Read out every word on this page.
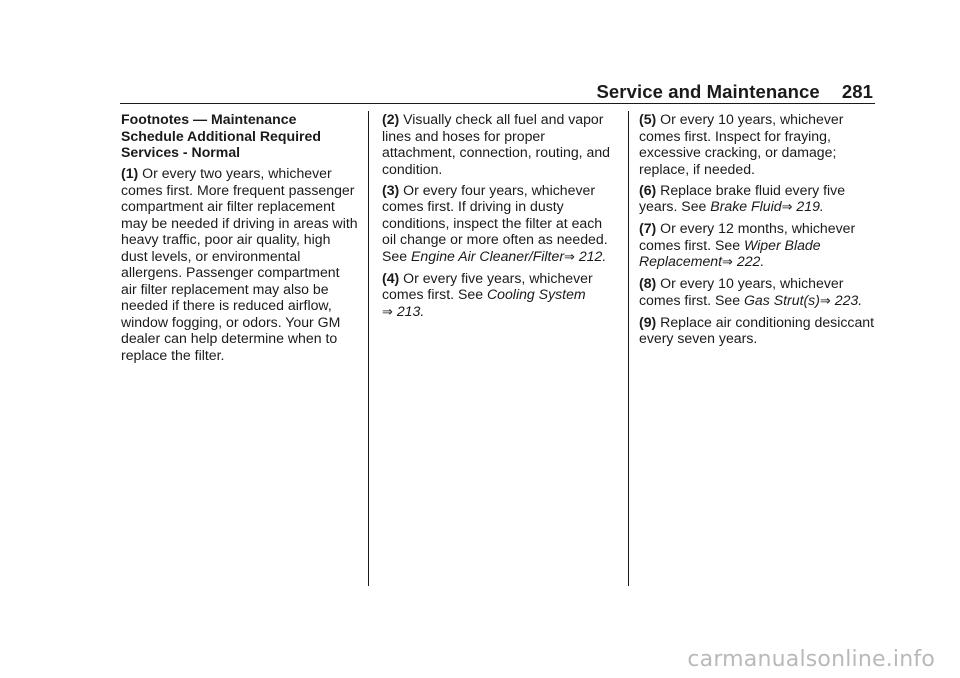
Service and Maintenance 281

Footnotes — Maintenance Schedule Additional Required Services - Normal

(1) Or every two years, whichever comes first. More frequent passenger compartment air filter replacement may be needed if driving in areas with heavy traffic, poor air quality, high dust levels, or environmental allergens. Passenger compartment air filter replacement may also be needed if there is reduced airflow, window fogging, or odors. Your GM dealer can help determine when to replace the filter.

(2) Visually check all fuel and vapor lines and hoses for proper attachment, connection, routing, and condition.

(3) Or every four years, whichever comes first. If driving in dusty conditions, inspect the filter at each oil change or more often as needed. See Engine Air Cleaner/Filter⇒ 212.

(4) Or every five years, whichever comes first. See Cooling System
⇒ 213.

(5) Or every 10 years, whichever comes first. Inspect for fraying, excessive cracking, or damage; replace, if needed.

(6) Replace brake fluid every five years. See Brake Fluid⇒ 219.

(7) Or every 12 months, whichever comes first. See Wiper Blade Replacement⇒ 222.

(8) Or every 10 years, whichever comes first. See Gas Strut(s)⇒ 223.

(9) Replace air conditioning desiccant every seven years.

carmanualsonline.info
